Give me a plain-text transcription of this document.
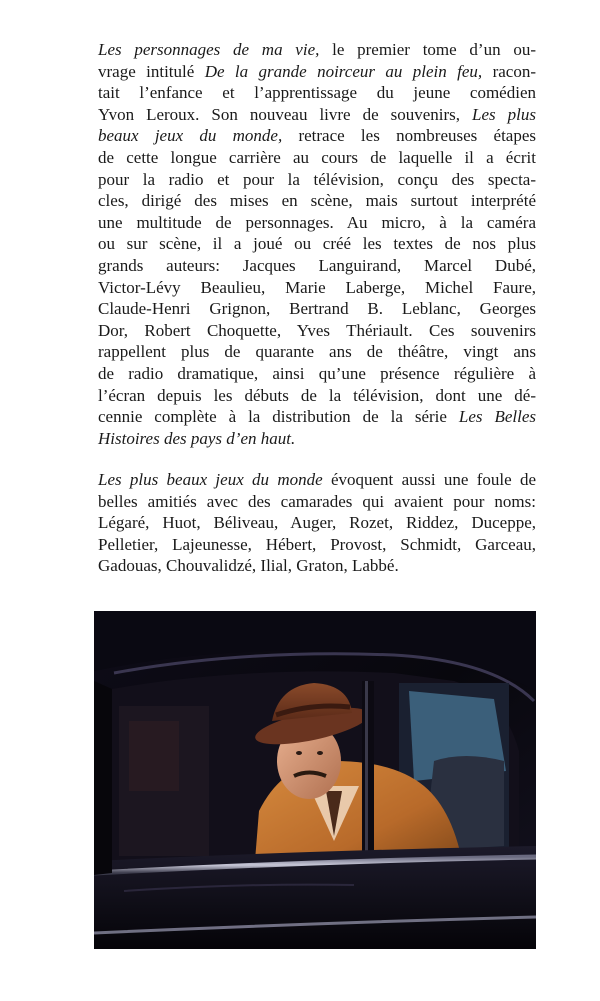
Les personnages de ma vie, le premier tome d’un ou-
vrage intitulé De la grande noirceur au plein feu, racon-
tait l’enfance et l’apprentissage du jeune comédien
Yvon Leroux. Son nouveau livre de souvenirs, Les plus
beaux jeux du monde, retrace les nombreuses étapes
de cette longue carrière au cours de laquelle il a écrit
pour la radio et pour la télévision, conçu des specta-
cles, dirigé des mises en scène, mais surtout interprété
une multitude de personnages. Au micro, à la caméra
ou sur scène, il a joué ou créé les textes de nos plus
grands auteurs: Jacques Languirand, Marcel Dubé,
Victor-Lévy Beaulieu, Marie Laberge, Michel Faure,
Claude-Henri Grignon, Bertrand B. Leblanc, Georges
Dor, Robert Choquette, Yves Thériault. Ces souvenirs
rappellent plus de quarante ans de théâtre, vingt ans
de radio dramatique, ainsi qu’une présence régulière à
l’écran depuis les débuts de la télévision, dont une dé-
cennie complète à la distribution de la série Les Belles
Histoires des pays d’en haut.
Les plus beaux jeux du monde évoquent aussi une foule de
belles amitiés avec des camarades qui avaient pour noms:
Légaré, Huot, Béliveau, Auger, Rozet, Riddez, Duceppe,
Pelletier, Lajeunesse, Hébert, Provost, Schmidt, Garceau,
Gadouas, Chouvalidzé, Ilial, Graton, Labbé.
